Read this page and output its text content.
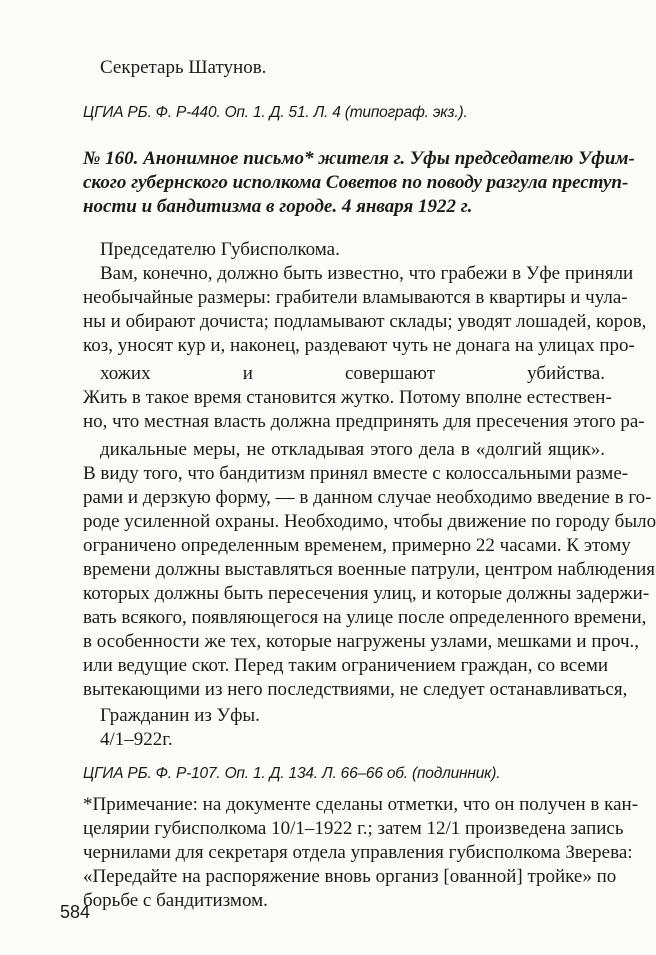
Секретарь Шатунов.
ЦГИА РБ. Ф. Р-440. Оп. 1. Д. 51. Л. 4 (типограф. экз.).
№ 160. Анонимное письмо* жителя г. Уфы председателю Уфим-
ского губернского исполкома Советов по поводу разгула преступ-
ности и бандитизма в городе. 4 января 1922 г.
Председателю Губисполкома.
Вам, конечно, должно быть известно, что грабежи в Уфе приняли
необычайные размеры: грабители вламываются в квартиры и чула-
ны и обирают дочиста; подламывают склады; уводят лошадей, коров,
коз, уносят кур и, наконец, раздевают чуть не донага на улицах про-
хожих и совершают убийства.
Жить в такое время становится жутко. Потому вполне естествен-
но, что местная власть должна предпринять для пресечения этого ра-
дикальные меры, не откладывая этого дела в «долгий ящик».
В виду того, что бандитизм принял вместе с колоссальными разме-
рами и дерзкую форму, — в данном случае необходимо введение в го-
роде усиленной охраны. Необходимо, чтобы движение по городу было
ограничено определенным временем, примерно 22 часами. К этому
времени должны выставляться военные патрули, центром наблюдения
которых должны быть пересечения улиц, и которые должны задержи-
вать всякого, появляющегося на улице после определенного времени,
в особенности же тех, которые нагружены узлами, мешками и проч.,
или ведущие скот. Перед таким ограничением граждан, со всеми
вытекающими из него последствиями, не следует останавливаться,
Гражданин из Уфы.
4/1–922г.
ЦГИА РБ. Ф. Р-107. Оп. 1. Д. 134. Л. 66–66 об. (подлинник).
*Примечание: на документе сделаны отметки, что он получен в кан-
целярии губисполкома 10/1–1922 г.; затем 12/1 произведена запись
чернилами для секретаря отдела управления губисполкома Зверева:
«Передайте на распоряжение вновь организ [ованной] тройке» по
борьбе с бандитизмом.
584
